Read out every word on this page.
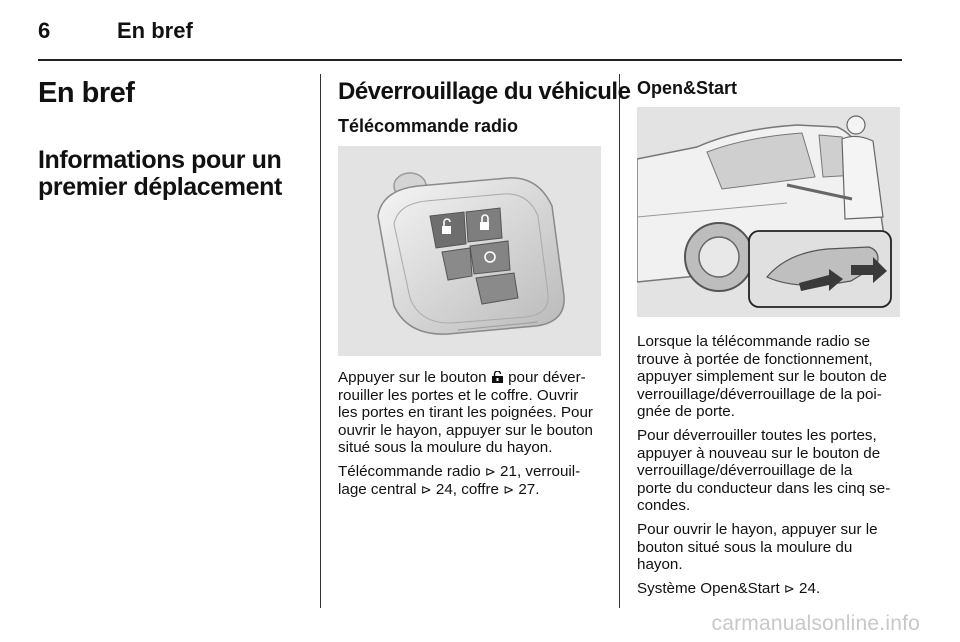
6	En bref
En bref
Informations pour un
premier déplacement
Déverrouillage du véhicule
Télécommande radio

Appuyer sur le bouton pour déver-
rouiller les portes et le coffre. Ouvrir
les portes en tirant les poignées. Pour
ouvrir le hayon, appuyer sur le bouton
situé sous la moulure du hayon.

Télécommande radio ⊳ 21, verrouil-
lage central ⊳ 24, coffre ⊳ 27.

Open&Start

Lorsque la télécommande radio se
trouve à portée de fonctionnement,
appuyer simplement sur le bouton de
verrouillage/déverrouillage de la poi-
gnée de porte.

Pour déverrouiller toutes les portes,
appuyer à nouveau sur le bouton de
verrouillage/déverrouillage de la
porte du conducteur dans les cinq se-
condes.

Pour ouvrir le hayon, appuyer sur le
bouton situé sous la moulure du
hayon.

Système Open&Start ⊳ 24.

carmanualsonline.info
